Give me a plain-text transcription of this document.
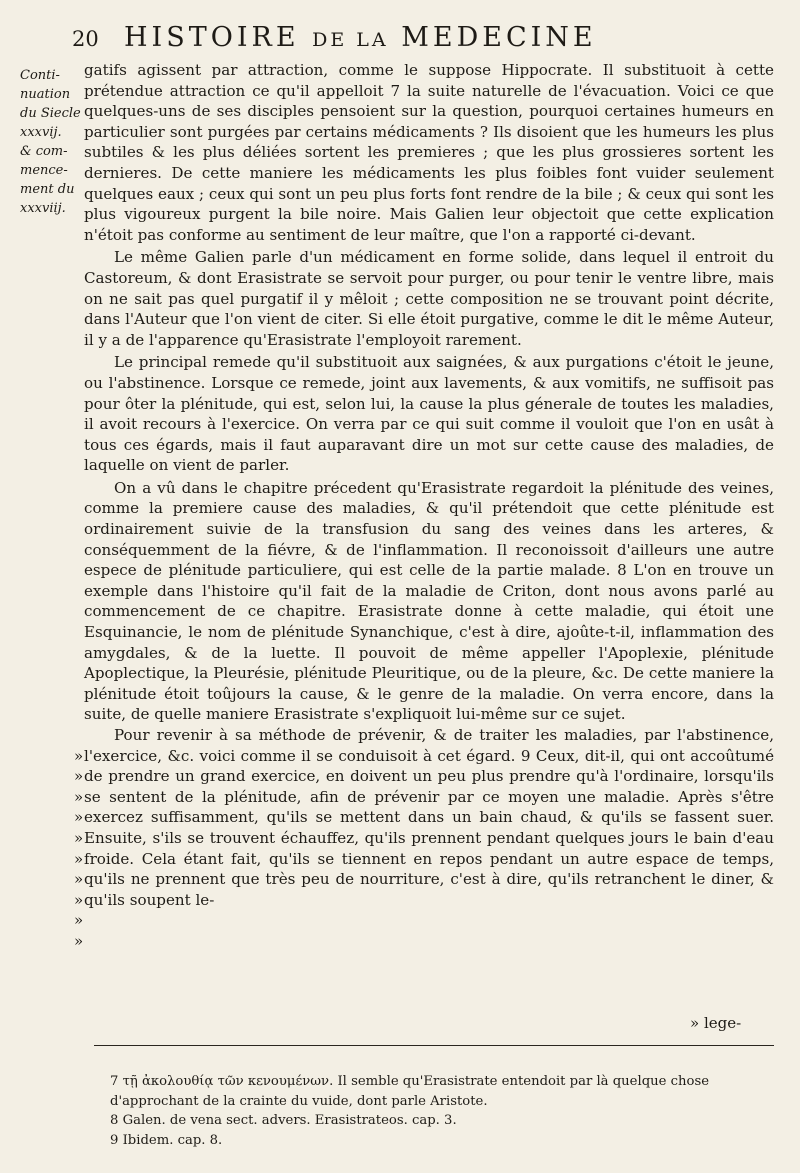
20 HISTOIRE DE LA MEDECINE
Conti-
nuation
du Siecle
xxxvij.
& com-
mence-
ment du
xxxviij.

gatifs agissent par attraction, comme le suppose Hippocrate. Il substituoit à cette prétendue attraction ce qu'il appelloit 7 la suite naturelle de l'évacuation. Voici ce que quelques-uns de ses disciples pensoient sur la question, pourquoi certaines humeurs en particulier sont purgées par certains médicaments ? Ils disoient que les humeurs les plus subtiles & les plus déliées sortent les premieres ; que les plus grossieres sortent les dernieres. De cette maniere les médicaments les plus foibles font vuider seulement quelques eaux ; ceux qui sont un peu plus forts font rendre de la bile ; & ceux qui sont les plus vigoureux purgent la bile noire. Mais Galien leur objectoit que cette explication n'étoit pas conforme au sentiment de leur maître, que l'on a rapporté ci-devant.

Le même Galien parle d'un médicament en forme solide, dans lequel il entroit du Castoreum, & dont Erasistrate se servoit pour purger, ou pour tenir le ventre libre, mais on ne sait pas quel purgatif il y mêloit ; cette composition ne se trouvant point décrite, dans l'Auteur que l'on vient de citer. Si elle étoit purgative, comme le dit le même Auteur, il y a de l'apparence qu'Erasistrate l'employoit rarement.

Le principal remede qu'il substituoit aux saignées, & aux purgations c'étoit le jeune, ou l'abstinence. Lorsque ce remede, joint aux lavements, & aux vomitifs, ne suffisoit pas pour ôter la plénitude, qui est, selon lui, la cause la plus génerale de toutes les maladies, il avoit recours à l'exercice. On verra par ce qui suit comme il vouloit que l'on en usât à tous ces égards, mais il faut auparavant dire un mot sur cette cause des maladies, de laquelle on vient de parler.

On a vû dans le chapitre précedent qu'Erasistrate regardoit la plénitude des veines, comme la premiere cause des maladies, & qu'il prétendoit que cette plénitude est ordinairement suivie de la transfusion du sang des veines dans les arteres, & conséquemment de la fiévre, & de l'inflammation. Il reconoissoit d'ailleurs une autre espece de plénitude particuliere, qui est celle de la partie malade. 8 L'on en trouve un exemple dans l'histoire qu'il fait de la maladie de Criton, dont nous avons parlé au commencement de ce chapitre. Erasistrate donne à cette maladie, qui étoit une Esquinancie, le nom de plénitude Synanchique, c'est à dire, ajoûte-t-il, inflammation des amygdales, & de la luette. Il pouvoit de même appeller l'Apoplexie, plénitude Apoplectique, la Pleurésie, plénitude Pleuritique, ou de la pleure, &c. De cette maniere la plénitude étoit toûjours la cause, & le genre de la maladie. On verra encore, dans la suite, de quelle maniere Erasistrate s'expliquoit lui-même sur ce sujet.

»
»
»
»
»
»
»
»
»
»

Pour revenir à sa méthode de prévenir, & de traiter les maladies, par l'abstinence, l'exercice, &c. voici comme il se conduisoit à cet égard. 9 Ceux, dit-il, qui ont accoûtumé de prendre un grand exercice, en doivent un peu plus prendre qu'à l'ordinaire, lorsqu'ils se sentent de la plénitude, afin de prévenir par ce moyen une maladie. Après s'être exercez suffisamment, qu'ils se mettent dans un bain chaud, & qu'ils se fassent suer. Ensuite, s'ils se trouvent échauffez, qu'ils prennent pendant quelques jours le bain d'eau froide. Cela étant fait, qu'ils se tiennent en repos pendant un autre espace de temps, qu'ils ne prennent que très peu de nourriture, c'est à dire, qu'ils retranchent le diner, & qu'ils soupent le-

» lege-
7 τῇ ἀκολουθίᾳ τῶν κενουμένων. Il semble qu'Erasistrate entendoit par là quelque chose d'approchant de la crainte du vuide, dont parle Aristote.
8 Galen. de vena sect. advers. Erasistrateos. cap. 3.
9 Ibidem. cap. 8.
